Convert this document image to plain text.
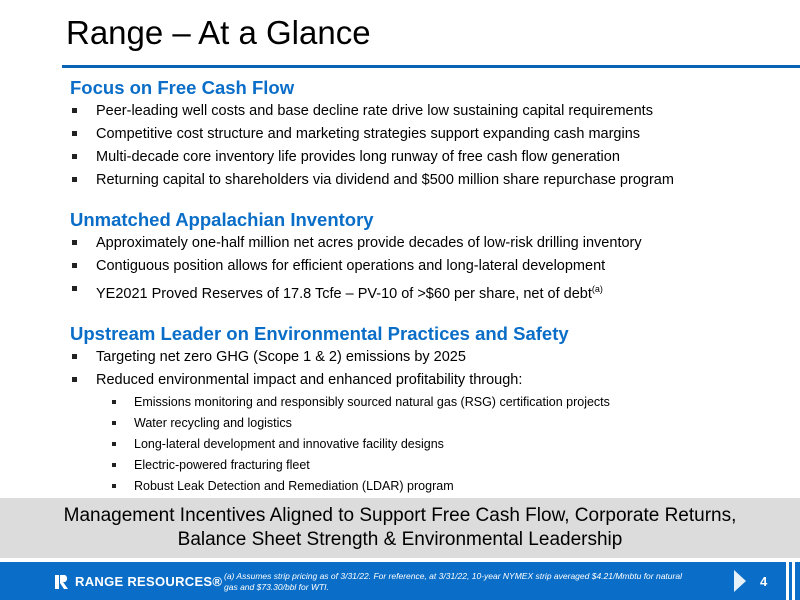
Range – At a Glance
Focus on Free Cash Flow
Peer-leading well costs and base decline rate drive low sustaining capital requirements
Competitive cost structure and marketing strategies support expanding cash margins
Multi-decade core inventory life provides long runway of free cash flow generation
Returning capital to shareholders via dividend and $500 million share repurchase program
Unmatched Appalachian Inventory
Approximately one-half million net acres provide decades of low-risk drilling inventory
Contiguous position allows for efficient operations and long-lateral development
YE2021 Proved Reserves of 17.8 Tcfe – PV-10 of >$60 per share, net of debt$^{(a)}$
Upstream Leader on Environmental Practices and Safety
Targeting net zero GHG (Scope 1 & 2) emissions by 2025
Reduced environmental impact and enhanced profitability through:
Emissions monitoring and responsibly sourced natural gas (RSG) certification projects
Water recycling and logistics
Long-lateral development and innovative facility designs
Electric-powered fracturing fleet
Robust Leak Detection and Remediation (LDAR) program
Management Incentives Aligned to Support Free Cash Flow, Corporate Returns,
Balance Sheet Strength & Environmental Leadership
RANGE RESOURCES® (a) Assumes strip pricing as of 3/31/22. For reference, at 3/31/22, 10-year NYMEX strip averaged $4.21/Mmbtu for natural
gas and $73.30/bbl for WTI.	4
